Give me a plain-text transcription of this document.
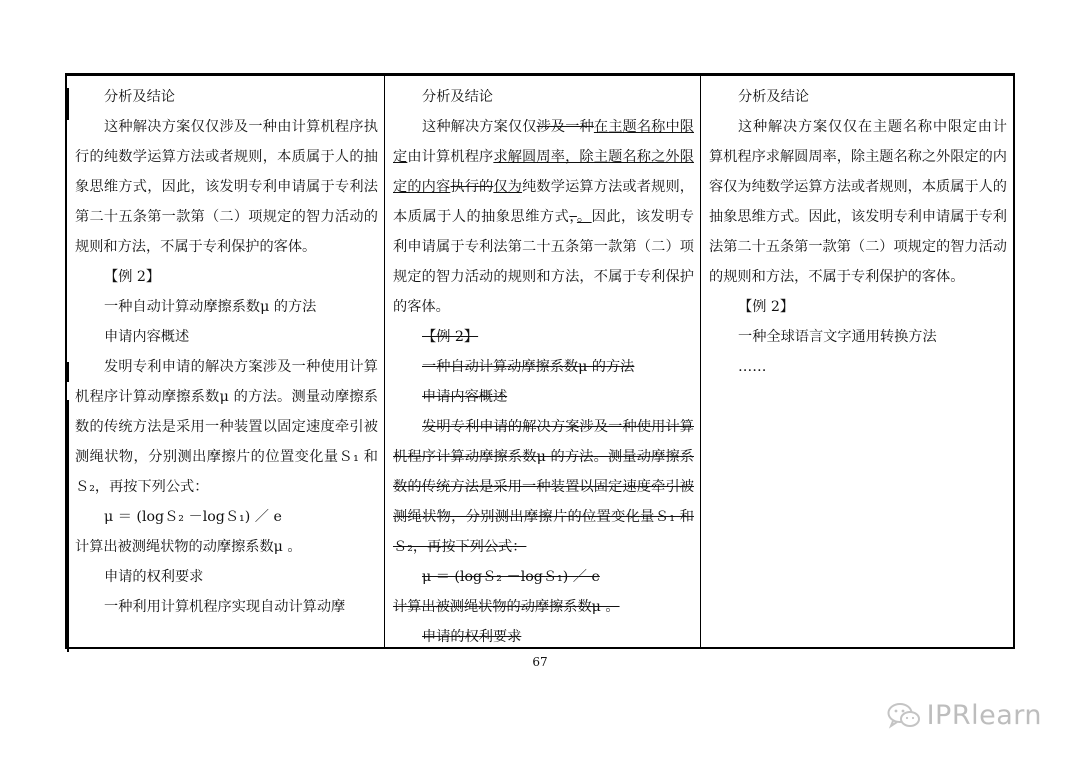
分析及结论

这种解决方案仅仅涉及一种由计算机程序执行的纯数学运算方法或者规则，本质属于人的抽象思维方式，因此，该发明专利申请属于专利法第二十五条第一款第（二）项规定的智力活动的规则和方法，不属于专利保护的客体。

【例 2】

一种自动计算动摩擦系数μ 的方法

申请内容概述

发明专利申请的解决方案涉及一种使用计算机程序计算动摩擦系数μ 的方法。测量动摩擦系数的传统方法是采用一种装置以固定速度牵引被测绳状物，分别测出摩擦片的位置变化量Ｓ₁ 和Ｓ₂，再按下列公式：

μ ＝ (logＳ₂ －logＳ₁) ／ e

计算出被测绳状物的动摩擦系数μ 。

申请的权利要求

一种利用计算机程序实现自动计算动摩

分析及结论

这种解决方案仅仅涉及一种在主题名称中限定由计算机程序求解圆周率，除主题名称之外限定的内容执行的仅为纯数学运算方法或者规则，本质属于人的抽象思维方式，。因此，该发明专利申请属于专利法第二十五条第一款第（二）项规定的智力活动的规则和方法，不属于专利保护的客体。

【例 2】

一种自动计算动摩擦系数μ 的方法

申请内容概述

发明专利申请的解决方案涉及一种使用计算机程序计算动摩擦系数μ 的方法。测量动摩擦系数的传统方法是采用一种装置以固定速度牵引被测绳状物，分别测出摩擦片的位置变化量Ｓ₁ 和Ｓ₂，再按下列公式：

μ ＝ (logＳ₂ －logＳ₁) ／ e

计算出被测绳状物的动摩擦系数μ 。

申请的权利要求

分析及结论

这种解决方案仅仅在主题名称中限定由计算机程序求解圆周率，除主题名称之外限定的内容仅为纯数学运算方法或者规则，本质属于人的抽象思维方式。因此，该发明专利申请属于专利法第二十五条第一款第（二）项规定的智力活动的规则和方法，不属于专利保护的客体。

【例 2】

一种全球语言文字通用转换方法

……

67
IPRlearn
